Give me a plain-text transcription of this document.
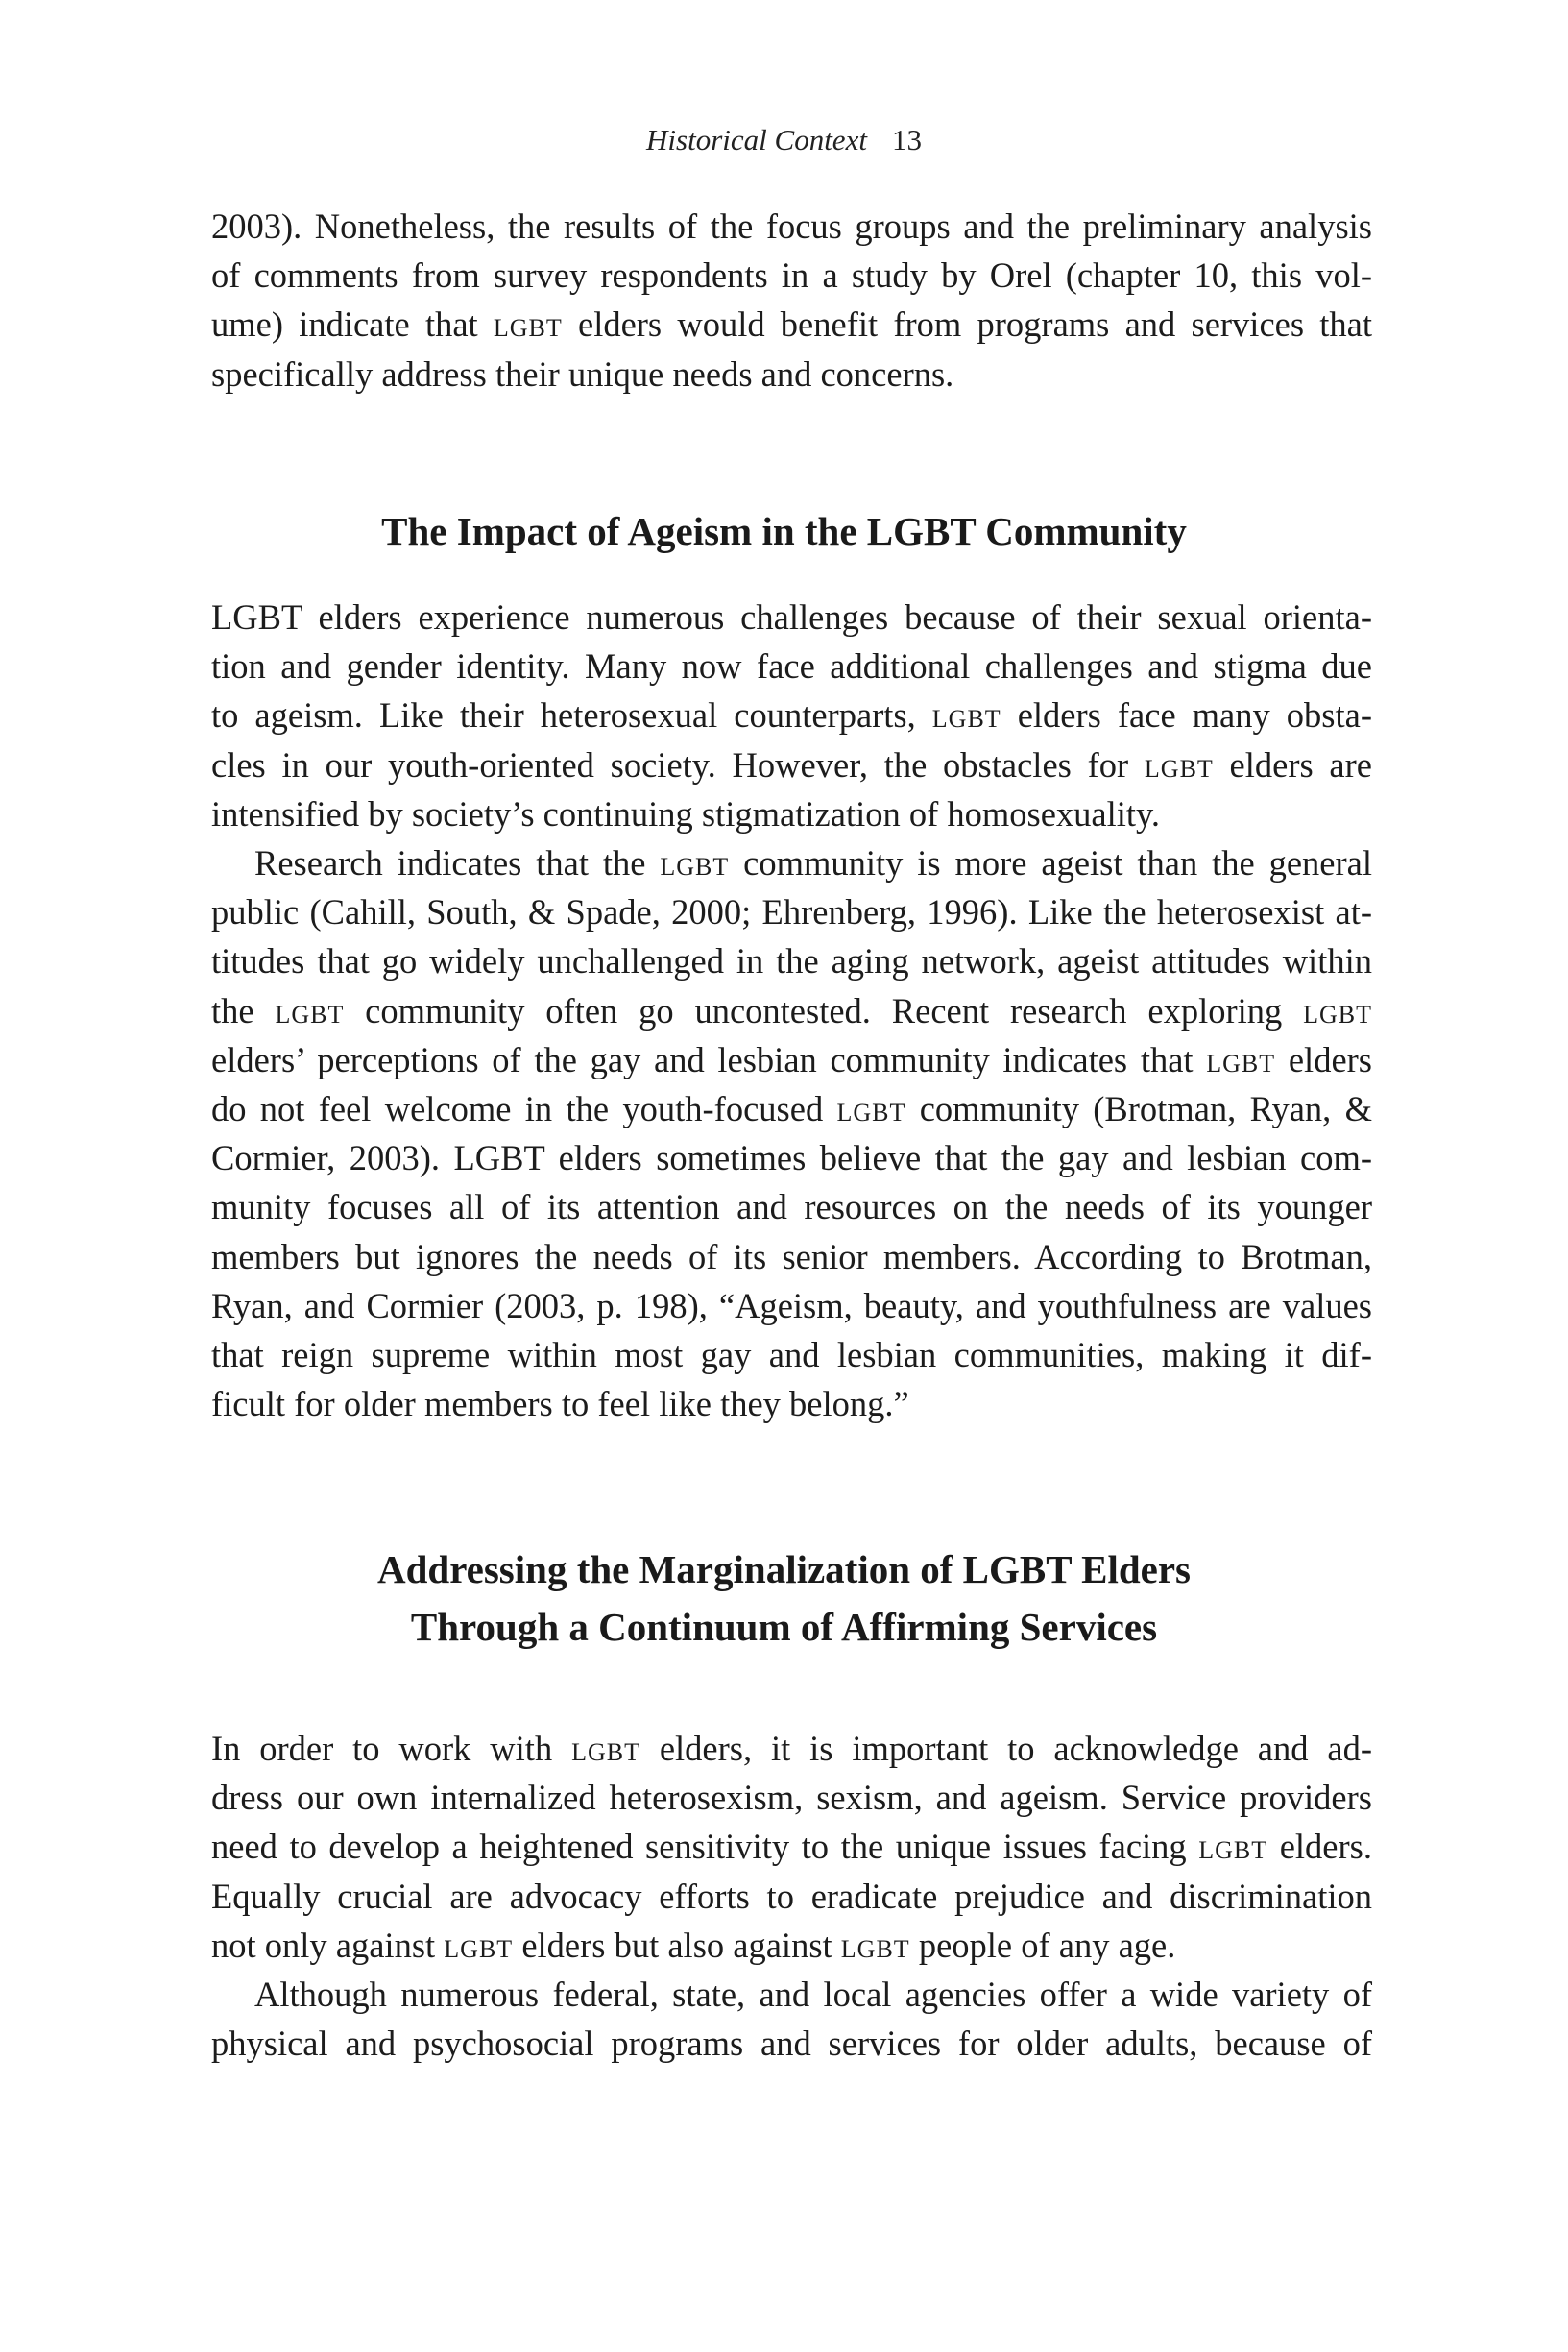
Historical Context 13

2003). Nonetheless, the results of the focus groups and the preliminary analysis
of comments from survey respondents in a study by Orel (chapter 10, this vol-
ume) indicate that lgbt elders would benefit from programs and services that
specifically address their unique needs and concerns.

The Impact of Ageism in the LGBT Community

LGBT elders experience numerous challenges because of their sexual orienta-
tion and gender identity. Many now face additional challenges and stigma due
to ageism. Like their heterosexual counterparts, lgbt elders face many obsta-
cles in our youth-oriented society. However, the obstacles for lgbt elders are
intensified by society’s continuing stigmatization of homosexuality.

Research indicates that the lgbt community is more ageist than the general
public (Cahill, South, & Spade, 2000; Ehrenberg, 1996). Like the heterosexist at-
titudes that go widely unchallenged in the aging network, ageist attitudes within
the lgbt community often go uncontested. Recent research exploring lgbt
elders’ perceptions of the gay and lesbian community indicates that lgbt elders
do not feel welcome in the youth-focused lgbt community (Brotman, Ryan, &
Cormier, 2003). LGBT elders sometimes believe that the gay and lesbian com-
munity focuses all of its attention and resources on the needs of its younger
members but ignores the needs of its senior members. According to Brotman,
Ryan, and Cormier (2003, p. 198), “Ageism, beauty, and youthfulness are values
that reign supreme within most gay and lesbian communities, making it dif-
ficult for older members to feel like they belong.”

Addressing the Marginalization of LGBT Elders
Through a Continuum of Affirming Services

In order to work with lgbt elders, it is important to acknowledge and ad-
dress our own internalized heterosexism, sexism, and ageism. Service providers
need to develop a heightened sensitivity to the unique issues facing lgbt elders.
Equally crucial are advocacy efforts to eradicate prejudice and discrimination
not only against lgbt elders but also against lgbt people of any age.

Although numerous federal, state, and local agencies offer a wide variety of
physical and psychosocial programs and services for older adults, because of
